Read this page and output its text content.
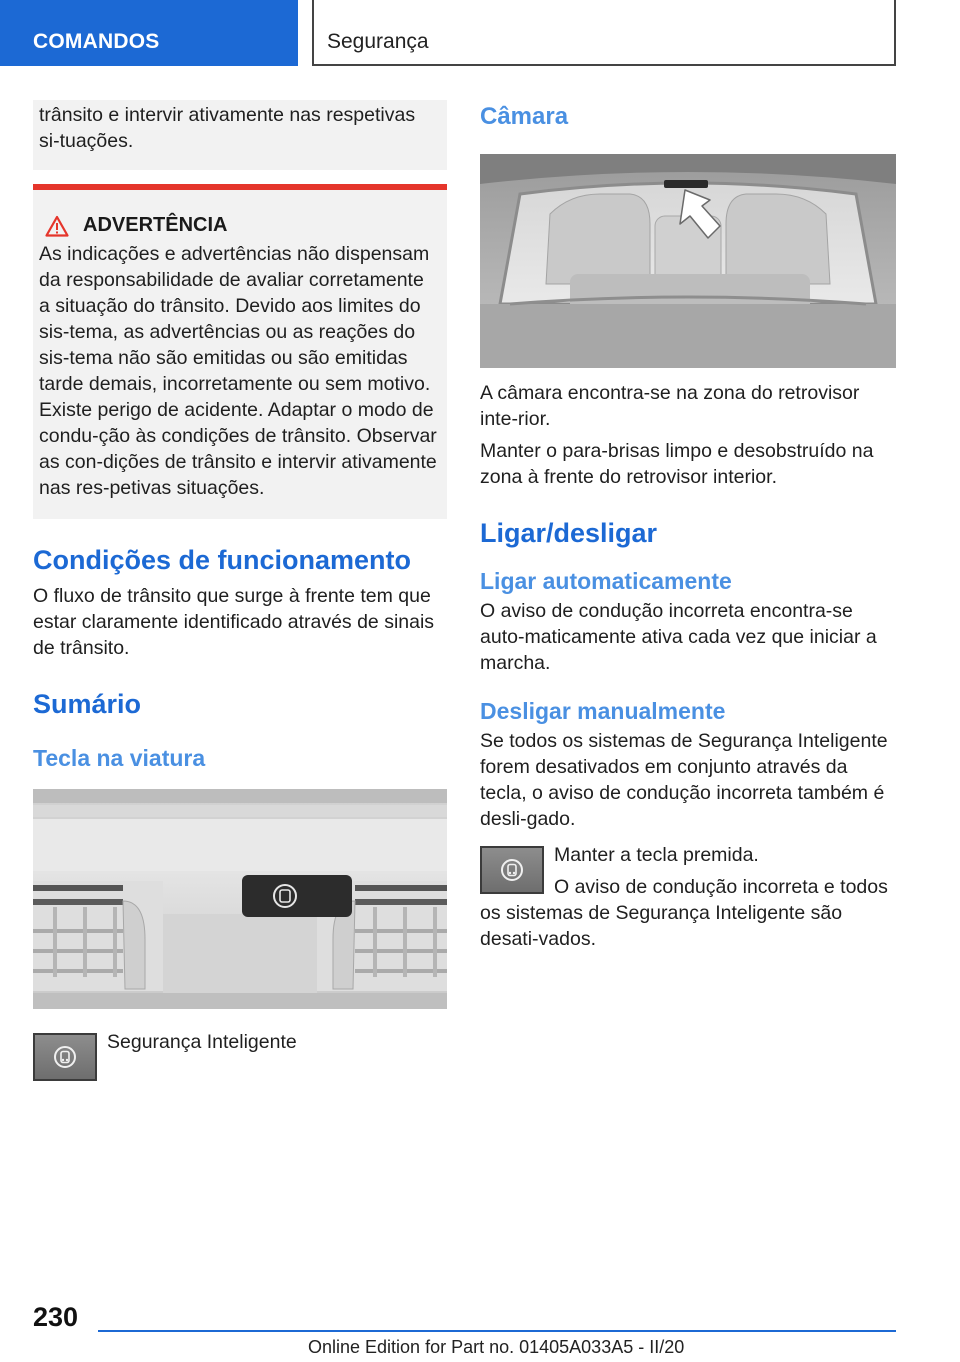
COMANDOS	Segurança

trânsito e intervir ativamente nas respetivas si-tuações.

ADVERTÊNCIA

As indicações e advertências não dispensam da responsabilidade de avaliar corretamente a situação do trânsito. Devido aos limites do sis-tema, as advertências ou as reações do sis-tema não são emitidas ou são emitidas tarde demais, incorretamente ou sem motivo. Existe perigo de acidente. Adaptar o modo de condu-ção às condições de trânsito. Observar as con-dições de trânsito e intervir ativamente nas res-petivas situações.

Condições de funcionamento

O fluxo de trânsito que surge à frente tem que estar claramente identificado através de sinais de trânsito.

Sumário
Tecla na viatura

Segurança Inteligente

Câmara

A câmara encontra-se na zona do retrovisor inte-rior.

Manter o para-brisas limpo e desobstruído na zona à frente do retrovisor interior.

Ligar/desligar
Ligar automaticamente

O aviso de condução incorreta encontra-se auto-maticamente ativa cada vez que iniciar a marcha.

Desligar manualmente

Se todos os sistemas de Segurança Inteligente forem desativados em conjunto através da tecla, o aviso de condução incorreta também é desli-gado.

Manter a tecla premida.

O aviso de condução incorreta e todos os sistemas de Segurança Inteligente são desati-vados.

230
Online Edition for Part no. 01405A033A5 - II/20
